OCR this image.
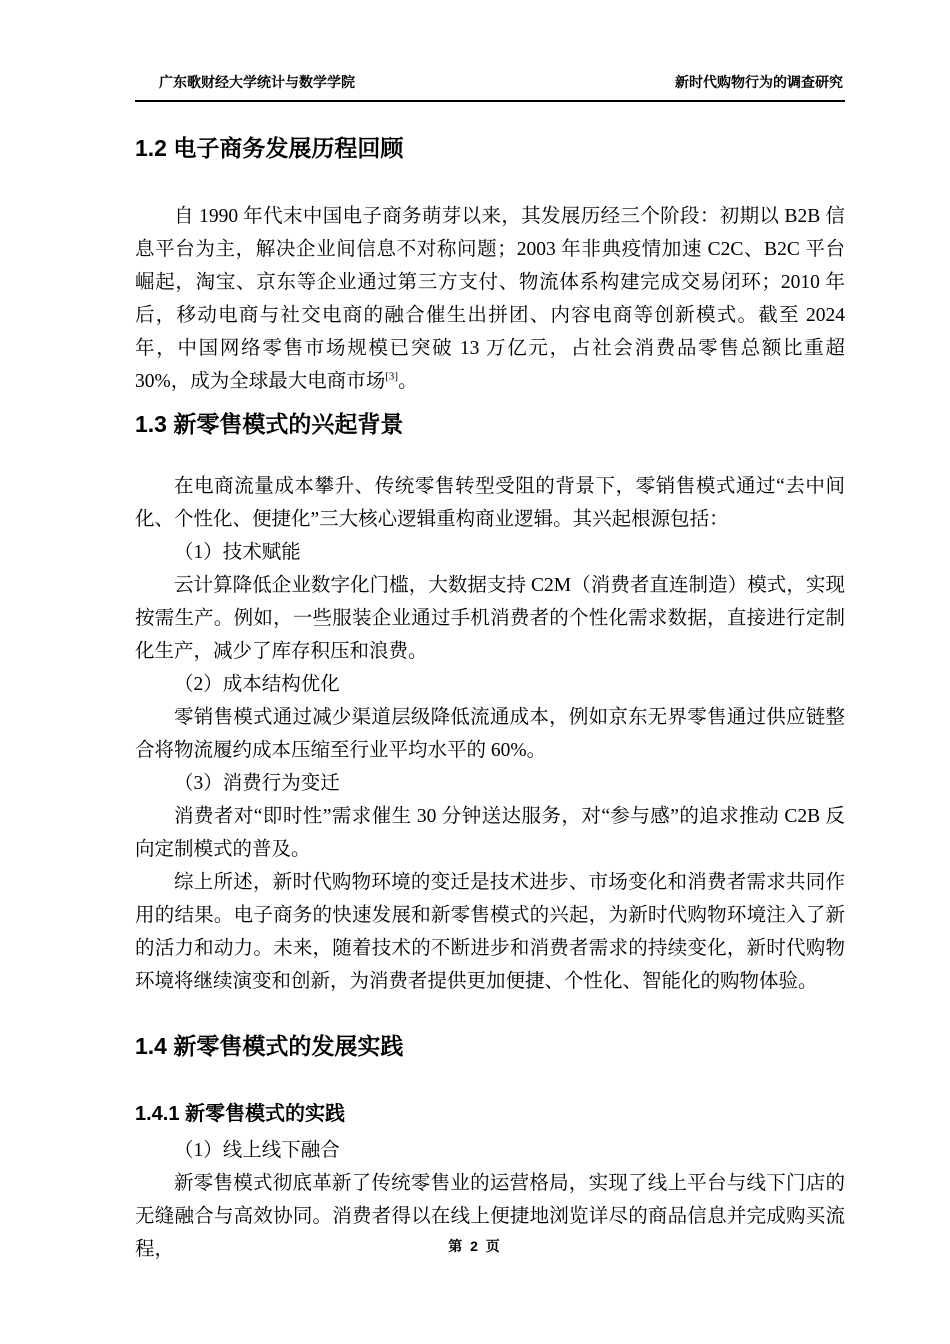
广东歌财经大学统计与数学学院	新时代购物行为的调查研究
1.2 电子商务发展历程回顾

自 1990 年代末中国电子商务萌芽以来，其发展历经三个阶段：初期以 B2B 信息平台为主，解决企业间信息不对称问题；2003 年非典疫情加速 C2C、B2C 平台崛起，淘宝、京东等企业通过第三方支付、物流体系构建完成交易闭环；2010 年后，移动电商与社交电商的融合催生出拼团、内容电商等创新模式。截至 2024 年，中国网络零售市场规模已突破 13 万亿元，占社会消费品零售总额比重超 30%，成为全球最大电商市场[3]。

1.3 新零售模式的兴起背景

在电商流量成本攀升、传统零售转型受阻的背景下，零销售模式通过“去中间化、个性化、便捷化”三大核心逻辑重构商业逻辑。其兴起根源包括：

（1）技术赋能

云计算降低企业数字化门槛，大数据支持 C2M（消费者直连制造）模式，实现按需生产。例如，一些服装企业通过手机消费者的个性化需求数据，直接进行定制化生产，减少了库存积压和浪费。

（2）成本结构优化

零销售模式通过减少渠道层级降低流通成本，例如京东无界零售通过供应链整合将物流履约成本压缩至行业平均水平的 60%。

（3）消费行为变迁

消费者对“即时性”需求催生 30 分钟送达服务，对“参与感”的追求推动 C2B 反向定制模式的普及。

综上所述，新时代购物环境的变迁是技术进步、市场变化和消费者需求共同作用的结果。电子商务的快速发展和新零售模式的兴起，为新时代购物环境注入了新的活力和动力。未来，随着技术的不断进步和消费者需求的持续变化，新时代购物环境将继续演变和创新，为消费者提供更加便捷、个性化、智能化的购物体验。

1.4 新零售模式的发展实践
1.4.1 新零售模式的实践

（1）线上线下融合

新零售模式彻底革新了传统零售业的运营格局，实现了线上平台与线下门店的无缝融合与高效协同。消费者得以在线上便捷地浏览详尽的商品信息并完成购买流程，	第 2 页
